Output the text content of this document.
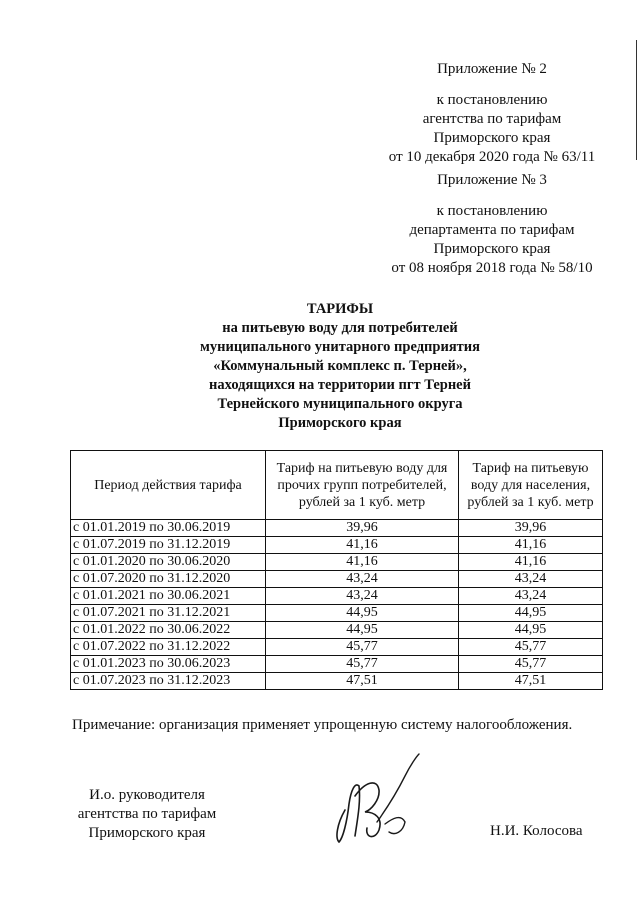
Приложение № 2
к постановлению
агентства по тарифам
Приморского края
от 10 декабря 2020 года № 63/11
Приложение № 3
к постановлению
департамента по тарифам
Приморского края
от 08 ноября 2018 года № 58/10
ТАРИФЫ
на питьевую воду для потребителей
муниципального унитарного предприятия
«Коммунальный комплекс п. Терней»,
находящихся на территории пгт Терней
Тернейского муниципального округа
Приморского края
Период действия тарифа	Тариф на питьевую воду для прочих групп потребителей, рублей за 1 куб. метр	Тариф на питьевую воду для населения, рублей за 1 куб. метр
с 01.01.2019 по 30.06.2019	39,96	39,96
с 01.07.2019 по 31.12.2019	41,16	41,16
с 01.01.2020 по 30.06.2020	41,16	41,16
с 01.07.2020 по 31.12.2020	43,24	43,24
с 01.01.2021 по 30.06.2021	43,24	43,24
с 01.07.2021 по 31.12.2021	44,95	44,95
с 01.01.2022 по 30.06.2022	44,95	44,95
с 01.07.2022 по 31.12.2022	45,77	45,77
с 01.01.2023 по 30.06.2023	45,77	45,77
с 01.07.2023 по 31.12.2023	47,51	47,51
Примечание: организация применяет упрощенную систему налогообложения.
И.о. руководителя
агентства по тарифам
Приморского края	Н.И. Колосова
